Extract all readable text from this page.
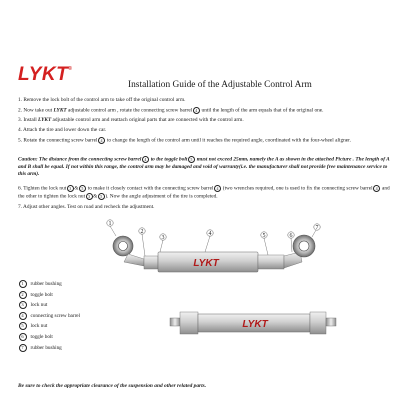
LYKT®
Installation Guide of the Adjustable Control Arm
1. Remove the lock bolt of the control arm to take off the original control arm.
2. Now take out LYKT adjustable control arm , rotate the connecting screw barrel 4 until the length of the arm equals that of the original one.
3. Install LYKT adjustable control arm and reattach original parts that are connected with the control arm.
4. Attach the tire and lower down the car.
5. Rotate the connecting screw barrel 4 to change the length of the control arm until it reaches the required angle, coordinated with the four-wheel aligner.
Caution: The distance from the connecting screw barrel 4 to the toggle bolt 5 must not exceed 25mm, namely the A as shown in the attached Picture . The length of A and B shall be equal. If not within this range, the control arm may be damaged and void of warranty(i.e. the manufacturer shall not provide free maintenance service to this arm).
6. Tighten the lock nut 3 & 5 to make it closely contact with the connecting screw barrel 4 (two wrenches required, one is used to fix the connecting screw barrel 4 and the other to tighten the lock nut 3 & 5 ). Now the angle adjustment of the tire is completed.
7. Adjust other angles. Test on road and recheck the adjustment.
LYKT
LYKT
1
2
3
4	5	6
7
1 rubber bushing
2 toggle bolt
3 lock nut
4 connecting screw barrel
5 lock nut
6 toggle bolt
7 rubber bushing
Be sure to check the appropriate clearance of the suspension and other related parts.
